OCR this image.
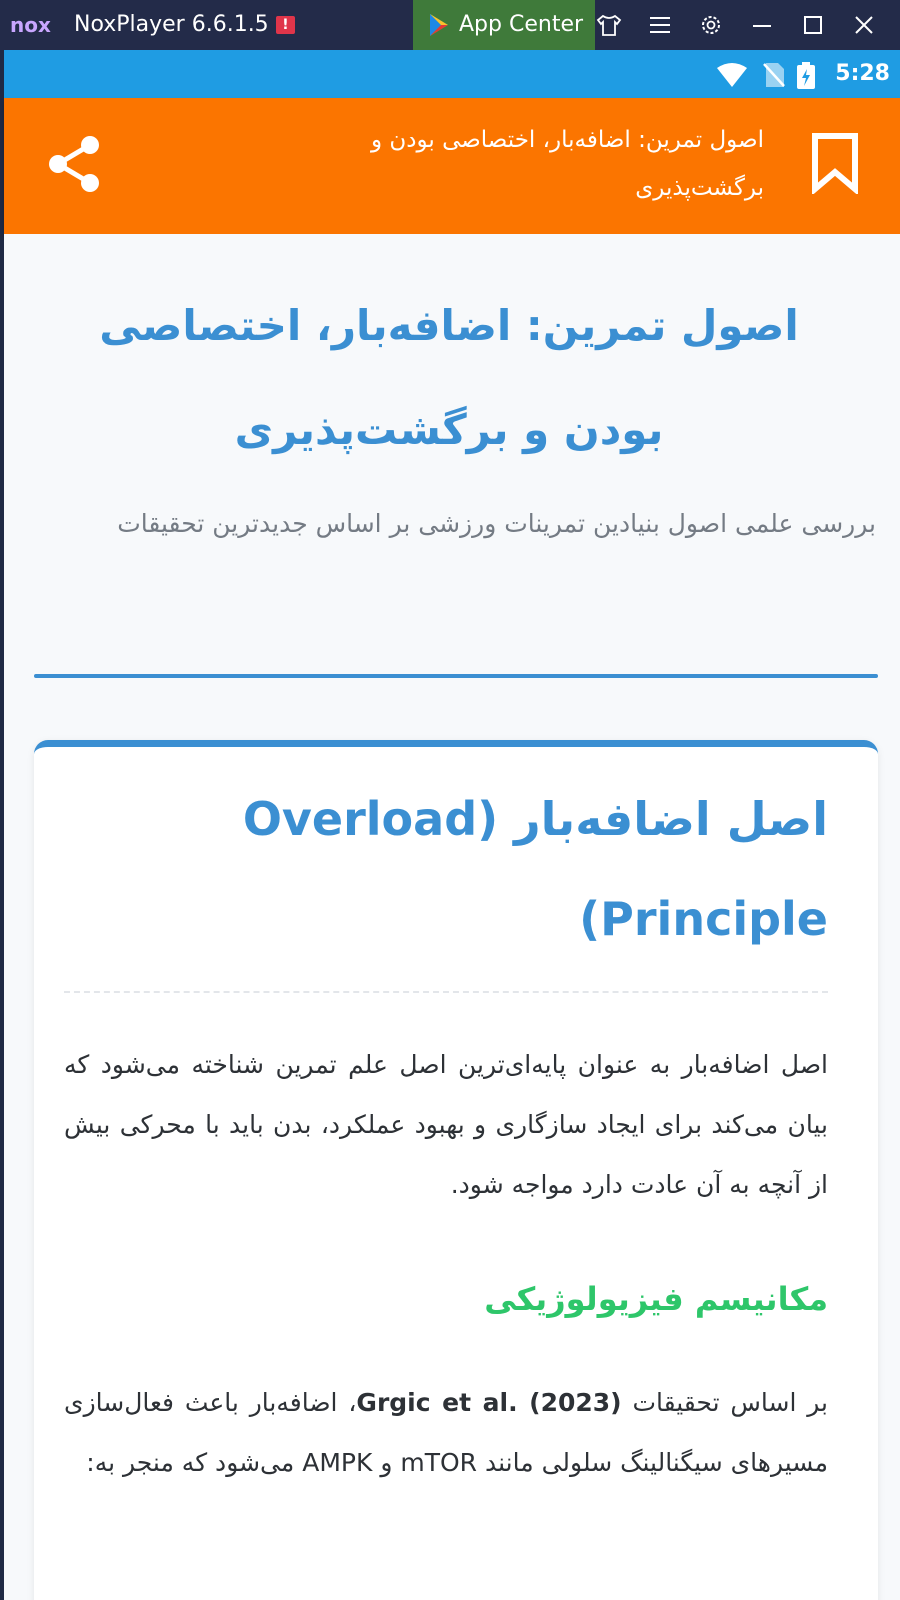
nox NoxPlayer 6.6.1.5 !	App Center
5:28
اصول تمرین: اضافه‌بار، اختصاصی بودن و برگشت‌پذیری
اصول تمرین: اضافه‌بار، اختصاصی بودن و برگشت‌پذیری

بررسی علمی اصول بنیادین تمرینات ورزشی بر اساس جدیدترین تحقیقات

اصل اضافه‌بار (Overload Principle)

اصل اضافه‌بار به عنوان پایه‌ای‌ترین اصل علم تمرین شناخته می‌شود که بیان می‌کند برای ایجاد سازگاری و بهبود عملکرد، بدن باید با محرکی بیش از آنچه به آن عادت دارد مواجه شود.

مکانیسم فیزیولوژیکی

بر اساس تحقیقات Grgic et al. (2023)، اضافه‌بار باعث فعال‌سازی مسیرهای سیگنالینگ سلولی مانند mTOR و AMPK می‌شود که منجر به:
